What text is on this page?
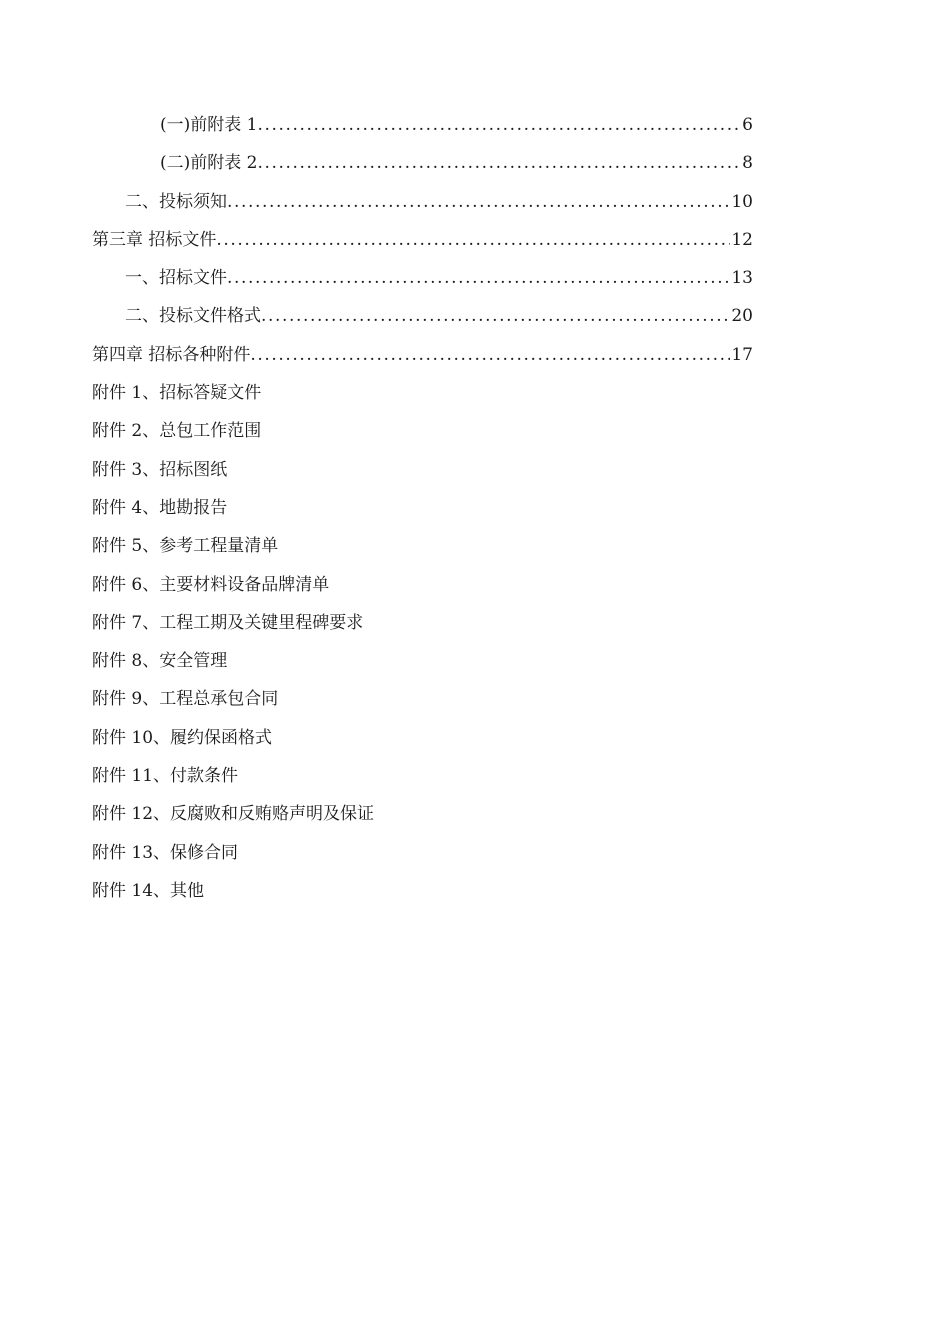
(一)前附表 1 .....	6
(二)前附表 2 .....	8
二、投标须知 .....	10
第三章 招标文件 .....	12
一、招标文件 .....	13
二、投标文件格式 .....	20
第四章 招标各种附件 .....	17
附件 1、招标答疑文件
附件 2、总包工作范围
附件 3、招标图纸
附件 4、地勘报告
附件 5、参考工程量清单
附件 6、主要材料设备品牌清单
附件 7、工程工期及关键里程碑要求
附件 8、安全管理
附件 9、工程总承包合同
附件 10、履约保函格式
附件 11、付款条件
附件 12、反腐败和反贿赂声明及保证
附件 13、保修合同
附件 14、其他
